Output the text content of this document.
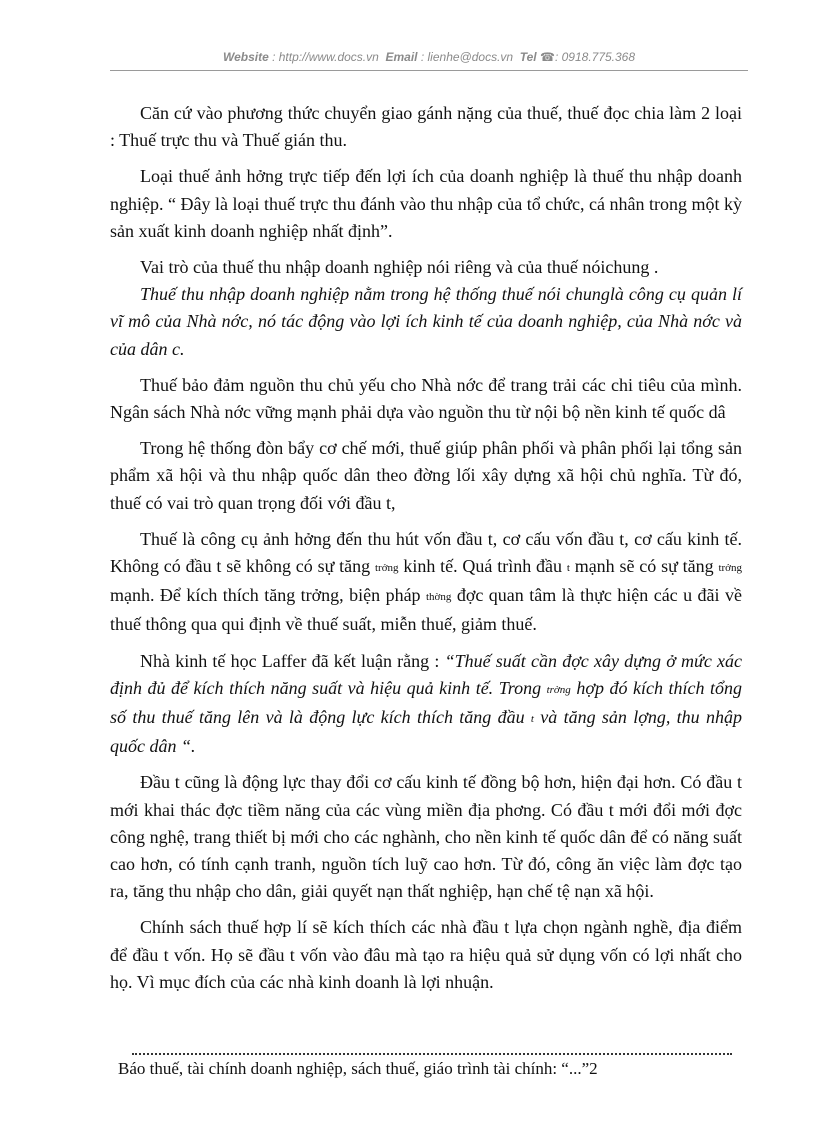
Website : http://www.docs.vn Email : lienhe@docs.vn Tel ☎: 0918.775.368

Căn cứ vào phương thức chuyển giao gánh nặng của thuế, thuế đọc chia làm 2 loại : Thuế trực thu và Thuế gián thu.

Loại thuế ảnh hởng trực tiếp đến lợi ích của doanh nghiệp là thuế thu nhập doanh nghiệp. “ Đây là loại thuế trực thu đánh vào thu nhập của tổ chức, cá nhân trong một kỳ sản xuất kinh doanh nghiệp nhất định”.

Vai trò của thuế thu nhập doanh nghiệp nói riêng và của thuế nóichung .

Thuế thu nhập doanh nghiệp nằm trong hệ thống thuế nói chunglà công cụ quản lí vĩ mô của Nhà nớc, nó tác động vào lợi ích kinh tế của doanh nghiệp, của Nhà nớc và của dân c.

Thuế bảo đảm nguồn thu chủ yếu cho Nhà nớc để trang trải các chi tiêu của mình. Ngân sách Nhà nớc vững mạnh phải dựa vào nguồn thu từ nội bộ nền kinh tế quốc dâ

Trong hệ thống đòn bẩy cơ chế mới, thuế giúp phân phối và phân phối lại tổng sản phẩm xã hội và thu nhập quốc dân theo đờng lối xây dựng xã hội chủ nghĩa. Từ đó, thuế có vai trò quan trọng đối với đầu t,

Thuế là công cụ ảnh hởng đến thu hút vốn đầu t, cơ cấu vốn đầu t, cơ cấu kinh tế. Không có đầu t sẽ không có sự tăng trởng kinh tế. Quá trình đầu t mạnh sẽ có sự tăng trởng mạnh. Để kích thích tăng trởng, biện pháp thờng đợc quan tâm là thực hiện các u đãi về thuế thông qua qui định về thuế suất, miễn thuế, giảm thuế.

Nhà kinh tế học Laffer đã kết luận rằng : “Thuế suất cần đợc xây dựng ở mức xác định đủ để kích thích năng suất và hiệu quả kinh tế. Trong trờng hợp đó kích thích tổng số thu thuế tăng lên và là động lực kích thích tăng đầu t và tăng sản lợng, thu nhập quốc dân “.

Đầu t cũng là động lực thay đổi cơ cấu kinh tế đồng bộ hơn, hiện đại hơn. Có đầu t mới khai thác đợc tiềm năng của các vùng miền địa phơng. Có đầu t mới đổi mới đợc công nghệ, trang thiết bị mới cho các nghành, cho nền kinh tế quốc dân để có năng suất cao hơn, có tính cạnh tranh, nguồn tích luỹ cao hơn. Từ đó, công ăn việc làm đợc tạo ra, tăng thu nhập cho dân, giải quyết nạn thất nghiệp, hạn chế tệ nạn xã hội.

Chính sách thuế hợp lí sẽ kích thích các nhà đầu t lựa chọn ngành nghề, địa điểm để đầu t vốn. Họ sẽ đầu t vốn vào đâu mà tạo ra hiệu quả sử dụng vốn có lợi nhất cho họ. Vì mục đích của các nhà kinh doanh là lợi nhuận.

Báo thuế, tài chính doanh nghiệp, sách thuế, giáo trình tài chính: “...”2
